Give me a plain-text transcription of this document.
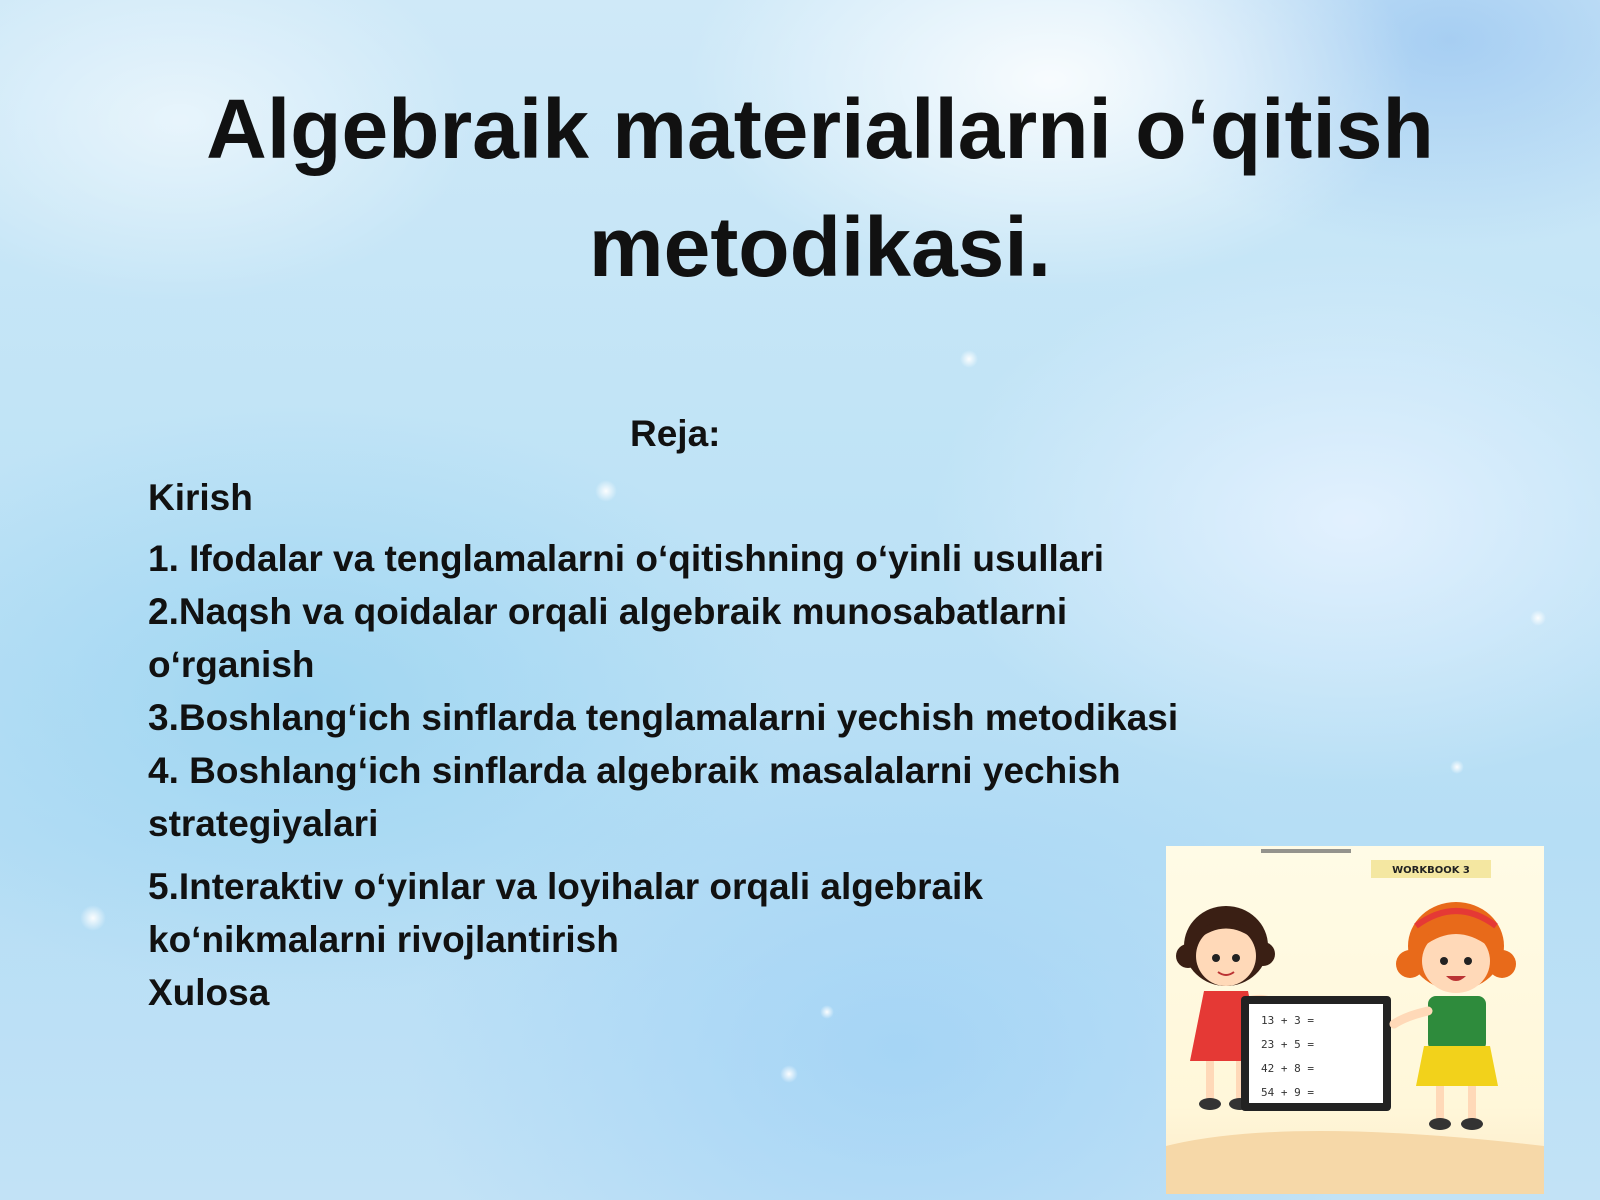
Algebraik materiallarni o‘qitish
metodikasi.
Reja:
Kirish
1. Ifodalar va tenglamalarni o‘qitishning o‘yinli usullari
2.Naqsh va qoidalar orqali algebraik munosabatlarni
o‘rganish
3.Boshlang‘ich sinflarda tenglamalarni yechish metodikasi
4. Boshlang‘ich sinflarda algebraik masalalarni yechish
strategiyalari
5.Interaktiv o‘yinlar va loyihalar orqali algebraik
ko‘nikmalarni rivojlantirish
Xulosa
WORKBOOK 3
13 + 3 =
23 + 5 =
42 + 8 =
54 + 9 =
